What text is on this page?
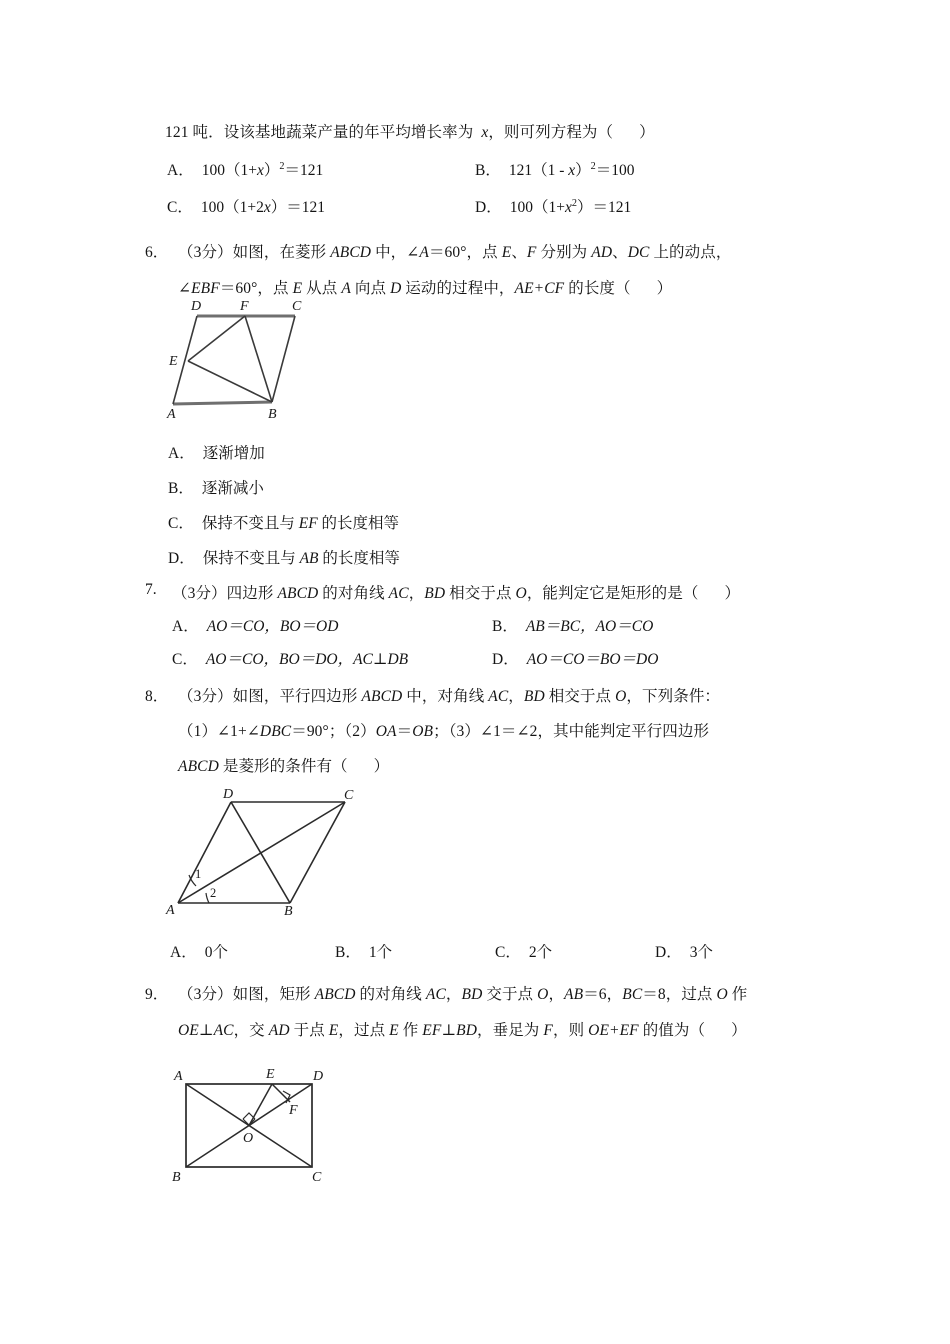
121 吨．设该基地蔬菜产量的年平均增长率为 x，则可列方程为（ ）
A． $100(1+x)^2=121$	B． 121（1 - x）$^2$＝100
C． 100（1+2x）＝121	D． $100(1+x^2)=121$
6． （3分）如图，在菱形 ABCD 中，∠A＝60°，点 E、F 分别为 AD、DC 上的动点，
∠EBF＝60°，点 E 从点 A 向点 D 运动的过程中，AE+CF 的长度（ ）
D	F	C
E
A	B
A． 逐渐增加
B． 逐渐减小
C． 保持不变且与 EF 的长度相等
D． 保持不变且与 AB 的长度相等
7. （3分）四边形 ABCD 的对角线 AC，BD 相交于点 O，能判定它是矩形的是（ ）
A． AO＝CO，BO＝OD	B． AB＝BC，AO＝CO
C． AO＝CO，BO＝DO，AC⊥DB	D． AO＝CO＝BO＝DO
8． （3分）如图，平行四边形 ABCD 中，对角线 AC，BD 相交于点 O，下列条件：
（1）∠1+∠DBC＝90°；（2）OA＝OB；（3）∠1＝∠2，其中能判定平行四边形
ABCD 是菱形的条件有（ ）
1
2
D	C
A	B
A． 0个	B． 1个	C． 2个	D． 3个
9． （3分）如图，矩形 ABCD 的对角线 AC，BD 交于点 O，AB＝6，BC＝8，过点 O 作
OE⊥AC，交 AD 于点 E，过点 E 作 EF⊥BD，垂足为 F，则 OE+EF 的值为（ ）
A	E	D
F
O
B	C
